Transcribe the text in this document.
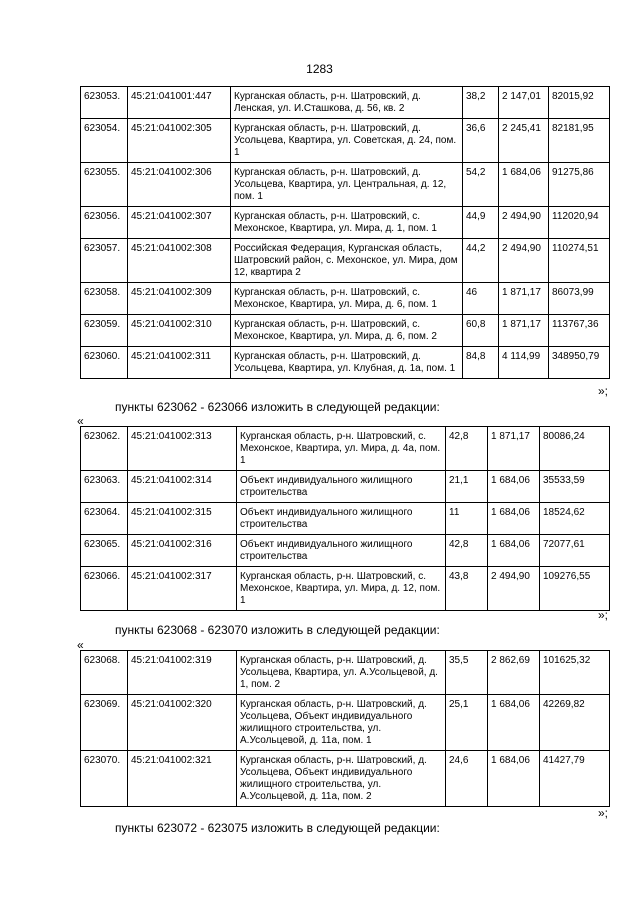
1283
623053.	45:21:041001:447	Курганская область, р-н. Шатровский, д. Ленская, ул. И.Сташкова, д. 56, кв. 2	38,2	2 147,01	82015,92
623054.	45:21:041002:305	Курганская область, р-н. Шатровский, д. Усольцева, Квартира, ул. Советская, д. 24, пом. 1	36,6	2 245,41	82181,95
623055.	45:21:041002:306	Курганская область, р-н. Шатровский, д. Усольцева, Квартира, ул. Центральная, д. 12, пом. 1	54,2	1 684,06	91275,86
623056.	45:21:041002:307	Курганская область, р-н. Шатровский, с. Мехонское, Квартира, ул. Мира, д. 1, пом. 1	44,9	2 494,90	112020,94
623057.	45:21:041002:308	Российская Федерация, Курганская область, Шатровский район, с. Мехонское, ул. Мира, дом 12, квартира 2	44,2	2 494,90	110274,51
623058.	45:21:041002:309	Курганская область, р-н. Шатровский, с. Мехонское, Квартира, ул. Мира, д. 6, пом. 1	46	1 871,17	86073,99
623059.	45:21:041002:310	Курганская область, р-н. Шатровский, с. Мехонское, Квартира, ул. Мира, д. 6, пом. 2	60,8	1 871,17	113767,36
623060.	45:21:041002:311	Курганская область, р-н. Шатровский, д. Усольцева, Квартира, ул. Клубная, д. 1а, пом. 1	84,8	4 114,99	348950,79
»;
пункты 623062 - 623066 изложить в следующей редакции:
«
623062.	45:21:041002:313	Курганская область, р-н. Шатровский, с. Мехонское, Квартира, ул. Мира, д. 4а, пом. 1	42,8	1 871,17	80086,24
623063.	45:21:041002:314	Объект индивидуального жилищного строительства	21,1	1 684,06	35533,59
623064.	45:21:041002:315	Объект индивидуального жилищного строительства	11	1 684,06	18524,62
623065.	45:21:041002:316	Объект индивидуального жилищного строительства	42,8	1 684,06	72077,61
623066.	45:21:041002:317	Курганская область, р-н. Шатровский, с. Мехонское, Квартира, ул. Мира, д. 12, пом. 1	43,8	2 494,90	109276,55
»;
пункты 623068 - 623070 изложить в следующей редакции:
«
623068.	45:21:041002:319	Курганская область, р-н. Шатровский, д. Усольцева, Квартира, ул. А.Усольцевой, д. 1, пом. 2	35,5	2 862,69	101625,32
623069.	45:21:041002:320	Курганская область, р-н. Шатровский, д. Усольцева, Объект индивидуального жилищного строительства, ул. А.Усольцевой, д. 11а, пом. 1	25,1	1 684,06	42269,82
623070.	45:21:041002:321	Курганская область, р-н. Шатровский, д. Усольцева, Объект индивидуального жилищного строительства, ул. А.Усольцевой, д. 11а, пом. 2	24,6	1 684,06	41427,79
»;
пункты 623072 - 623075 изложить в следующей редакции:
